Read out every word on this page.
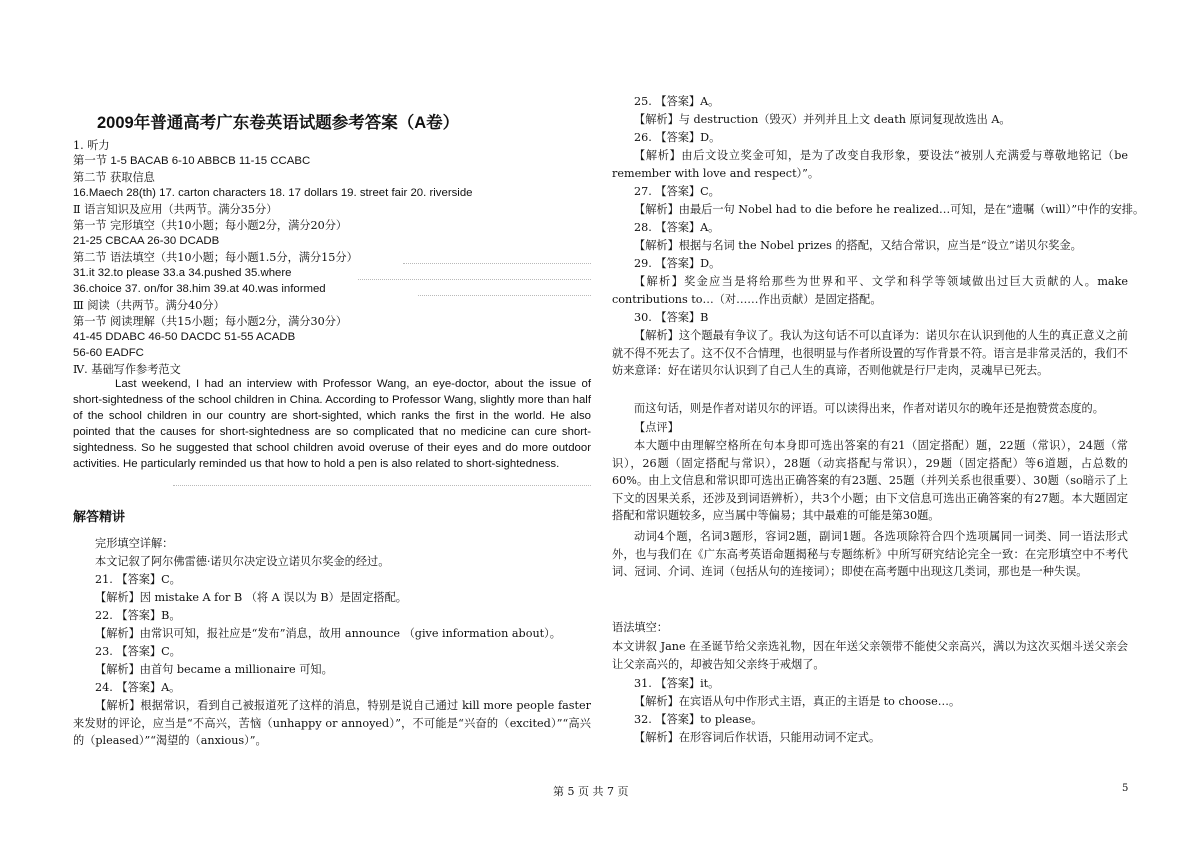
2009年普通高考广东卷英语试题参考答案（A卷）
1. 听力
第一节 1-5 BACAB 6-10 ABBCB 11-15 CCABC
第二节 获取信息
16.Maech 28(th) 17. carton characters 18. 17 dollars 19. street fair 20. riverside
Ⅱ 语言知识及应用（共两节。满分35分）
第一节 完形填空（共10小题；每小题2分，满分20分）
21-25 CBCAA 26-30 DCADB
第二节 语法填空（共10小题；每小题1.5分，满分15分）
31.it 32.to please 33.a 34.pushed 35.where
36.choice 37. on/for 38.him 39.at 40.was informed
Ⅲ 阅读（共两节。满分40分）
第一节 阅读理解（共15小题；每小题2分，满分30分）
41-45 DDABC 46-50 DACDC 51-55 ACADB
56-60 EADFC
Ⅳ. 基础写作参考范文
Last weekend, I had an interview with Professor Wang, an eye-doctor, about the issue of short-sightedness of the school children in China. According to Professor Wang, slightly more than half of the school children in our country are short-sighted, which ranks the first in the world. He also pointed that the causes for short-sightedness are so complicated that no medicine can cure short-sightedness. So he suggested that school children avoid overuse of their eyes and do more outdoor activities. He particularly reminded us that how to hold a pen is also related to short-sightedness.
解答精讲
完形填空详解：
本文记叙了阿尔佛雷德·诺贝尔决定设立诺贝尔奖金的经过。
21. 【答案】C。
【解析】因 mistake A for B （将 A 误以为 B）是固定搭配。
22. 【答案】B。
【解析】由常识可知，报社应是“发布”消息，故用 announce （give information about）。
23. 【答案】C。
【解析】由首句 became a millionaire 可知。
24. 【答案】A。
【解析】根据常识，看到自己被报道死了这样的消息，特别是说自己通过 kill more people faster 来发财的评论，应当是“不高兴，苦恼（unhappy or annoyed）”，不可能是“兴奋的（excited）”“高兴的（pleased）”“渴望的（anxious）”。
25. 【答案】A。
【解析】与 destruction（毁灭）并列并且上文 death 原词复现故选出 A。
26. 【答案】D。
【解析】由后文设立奖金可知，是为了改变自我形象，要设法“被别人充满爱与尊敬地铭记（be remember with love and respect）”。
27. 【答案】C。
【解析】由最后一句 Nobel had to die before he realized…可知，是在“遗嘱（will）”中作的安排。
28. 【答案】A。
【解析】根据与名词 the Nobel prizes 的搭配，又结合常识，应当是“设立”诺贝尔奖金。
29. 【答案】D。
【解析】奖金应当是将给那些为世界和平、文学和科学等领域做出过巨大贡献的人。make contributions to…（对……作出贡献）是固定搭配。
30. 【答案】B
【解析】这个题最有争议了。我认为这句话不可以直译为：诺贝尔在认识到他的人生的真正意义之前就不得不死去了。这不仅不合情理，也很明显与作者所设置的写作背景不符。语言是非常灵活的，我们不妨来意译：好在诺贝尔认识到了自己人生的真谛，否则他就是行尸走肉，灵魂早已死去。
而这句话，则是作者对诺贝尔的评语。可以读得出来，作者对诺贝尔的晚年还是抱赞赏态度的。
【点评】
本大题中由理解空格所在句本身即可选出答案的有21（固定搭配）题，22题（常识），24题（常识），26题（固定搭配与常识），28题（动宾搭配与常识），29题（固定搭配）等6道题，占总数的60%。由上文信息和常识即可选出正确答案的有23题、25题（并列关系也很重要）、30题（so暗示了上下文的因果关系，还涉及到词语辨析），共3个小题；由下文信息可选出正确答案的有27题。本大题固定搭配和常识题较多，应当属中等偏易；其中最难的可能是第30题。
动词4个题，名词3题形，容词2题，副词1题。各选项除符合四个选项属同一词类、同一语法形式外，也与我们在《广东高考英语命题揭秘与专题练析》中所写研究结论完全一致：在完形填空中不考代词、冠词、介词、连词（包括从句的连接词）；即使在高考题中出现这几类词，那也是一种失误。
语法填空：
本文讲叙 Jane 在圣诞节给父亲选礼物，因在年送父亲领带不能使父亲高兴，满以为这次买烟斗送父亲会让父亲高兴的，却被告知父亲终于戒烟了。
31. 【答案】it。
【解析】在宾语从句中作形式主语，真正的主语是 to choose…。
32. 【答案】to please。
【解析】在形容词后作状语，只能用动词不定式。
第 5 页 共 7 页	5
